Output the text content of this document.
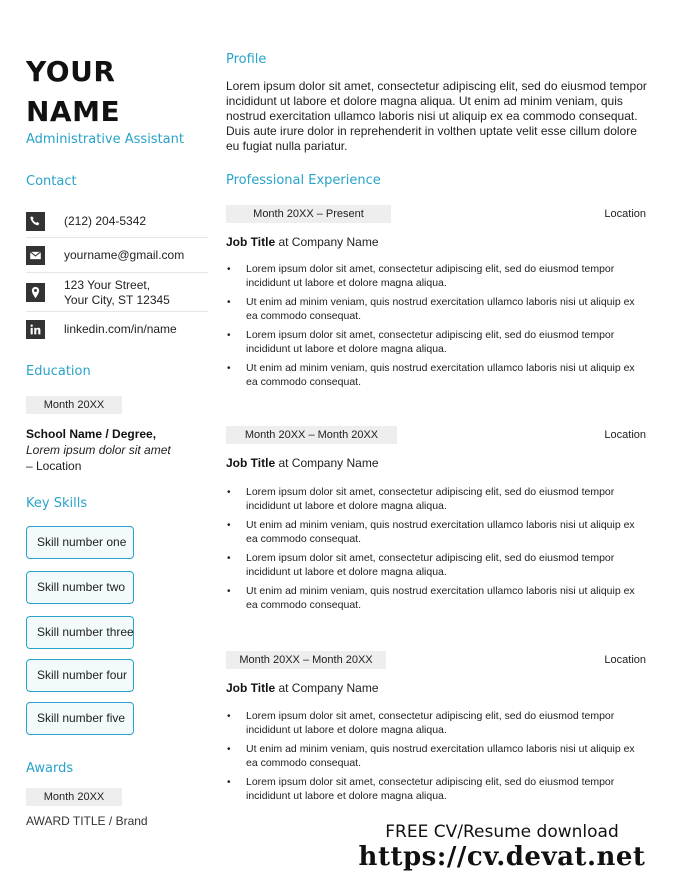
YOUR
NAME
Administrative Assistant
Contact
(212) 204-5342
yourname@gmail.com
123 Your Street,
Your City, ST 12345
linkedin.com/in/name
Education
Month 20XX
School Name / Degree,
Lorem ipsum dolor sit amet
– Location
Key Skills
Skill number one
Skill number two
Skill number three
Skill number four
Skill number five
Awards
Month 20XX
AWARD TITLE / Brand
Profile
Lorem ipsum dolor sit amet, consectetur adipiscing elit, sed do eiusmod tempor incididunt ut labore et dolore magna aliqua. Ut enim ad minim veniam, quis nostrud exercitation ullamco laboris nisi ut aliquip ex ea commodo consequat. Duis aute irure dolor in reprehenderit in volthen uptate velit esse cillum dolore eu fugiat nulla pariatur.
Professional Experience
Month 20XX – Present	Location
Job Title at Company Name
• Lorem ipsum dolor sit amet, consectetur adipiscing elit, sed do eiusmod tempor incididunt ut labore et dolore magna aliqua.
• Ut enim ad minim veniam, quis nostrud exercitation ullamco laboris nisi ut aliquip ex ea commodo consequat.
• Lorem ipsum dolor sit amet, consectetur adipiscing elit, sed do eiusmod tempor incididunt ut labore et dolore magna aliqua.
• Ut enim ad minim veniam, quis nostrud exercitation ullamco laboris nisi ut aliquip ex ea commodo consequat.
Month 20XX – Month 20XX	Location
Job Title at Company Name
• Lorem ipsum dolor sit amet, consectetur adipiscing elit, sed do eiusmod tempor incididunt ut labore et dolore magna aliqua.
• Ut enim ad minim veniam, quis nostrud exercitation ullamco laboris nisi ut aliquip ex ea commodo consequat.
• Lorem ipsum dolor sit amet, consectetur adipiscing elit, sed do eiusmod tempor incididunt ut labore et dolore magna aliqua.
• Ut enim ad minim veniam, quis nostrud exercitation ullamco laboris nisi ut aliquip ex ea commodo consequat.
Month 20XX – Month 20XX	Location
Job Title at Company Name
• Lorem ipsum dolor sit amet, consectetur adipiscing elit, sed do eiusmod tempor incididunt ut labore et dolore magna aliqua.
• Ut enim ad minim veniam, quis nostrud exercitation ullamco laboris nisi ut aliquip ex ea commodo consequat.
• Lorem ipsum dolor sit amet, consectetur adipiscing elit, sed do eiusmod tempor incididunt ut labore et dolore magna aliqua.
FREE CV/Resume download
https://cv.devat.net
